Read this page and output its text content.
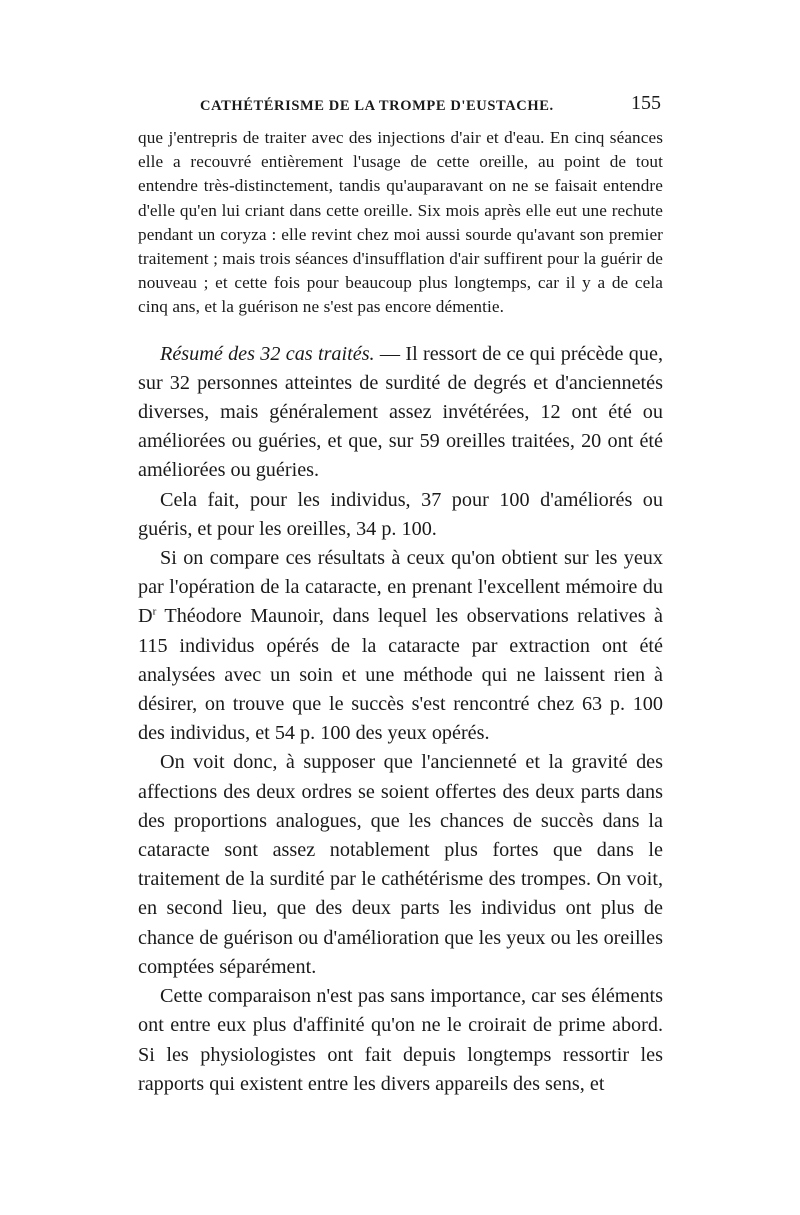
CATHÉTÉRISME DE LA TROMPE D'EUSTACHE.	155

que j'entrepris de traiter avec des injections d'air et d'eau. En cinq séances elle a recouvré entièrement l'usage de cette oreille, au point de tout entendre très-distinctement, tandis qu'auparavant on ne se faisait entendre d'elle qu'en lui criant dans cette oreille. Six mois après elle eut une rechute pendant un coryza : elle revint chez moi aussi sourde qu'avant son premier traitement ; mais trois séances d'insufflation d'air suffirent pour la guérir de nouveau ; et cette fois pour beaucoup plus longtemps, car il y a de cela cinq ans, et la guérison ne s'est pas encore démentie.

Résumé des 32 cas traités. — Il ressort de ce qui précède que, sur 32 personnes atteintes de surdité de degrés et d'anciennetés diverses, mais généralement assez invétérées, 12 ont été ou améliorées ou guéries, et que, sur 59 oreilles traitées, 20 ont été améliorées ou guéries.

Cela fait, pour les individus, 37 pour 100 d'améliorés ou guéris, et pour les oreilles, 34 p. 100.

Si on compare ces résultats à ceux qu'on obtient sur les yeux par l'opération de la cataracte, en prenant l'excellent mémoire du $D^r$ Théodore Maunoir, dans lequel les observations relatives à 115 individus opérés de la cataracte par extraction ont été analysées avec un soin et une méthode qui ne laissent rien à désirer, on trouve que le succès s'est rencontré chez 63 p. 100 des individus, et 54 p. 100 des yeux opérés.

On voit donc, à supposer que l'ancienneté et la gravité des affections des deux ordres se soient offertes des deux parts dans des proportions analogues, que les chances de succès dans la cataracte sont assez notablement plus fortes que dans le traitement de la surdité par le cathétérisme des trompes. On voit, en second lieu, que des deux parts les individus ont plus de chance de guérison ou d'amélioration que les yeux ou les oreilles comptées séparément.

Cette comparaison n'est pas sans importance, car ses éléments ont entre eux plus d'affinité qu'on ne le croirait de prime abord. Si les physiologistes ont fait depuis longtemps ressortir les rapports qui existent entre les divers appareils des sens, et
